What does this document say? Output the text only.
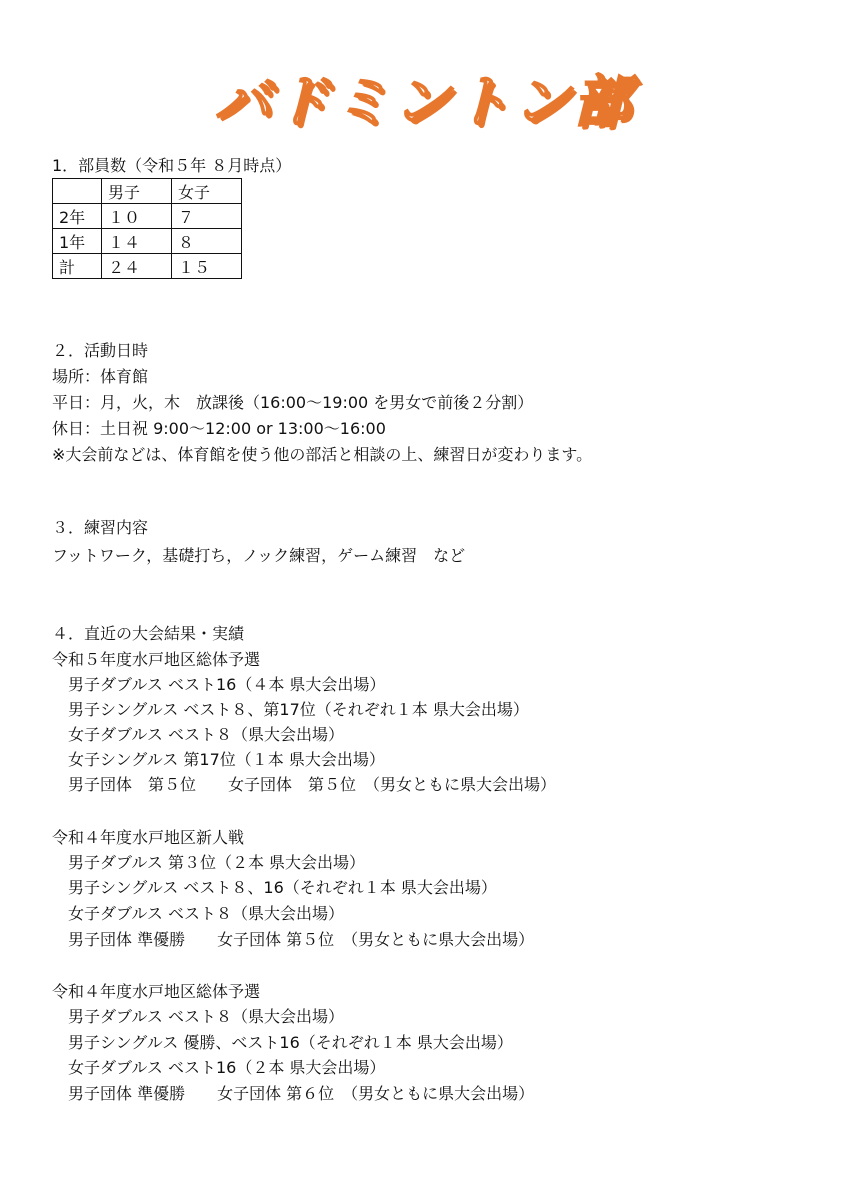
バドミントン部
1．部員数（令和５年 ８月時点）
	男子	女子
2年	１０	７
1年	１４	８
計	２４	１５
２．活動日時
場所：体育館
平日：月，火，木　放課後（16:00～19:00 を男女で前後２分割）
休日：土日祝 9:00～12:00 or 13:00～16:00
※大会前などは、体育館を使う他の部活と相談の上、練習日が変わります。
３．練習内容
フットワーク，基礎打ち，ノック練習，ゲーム練習　など
４．直近の大会結果・実績
令和５年度水戸地区総体予選
男子ダブルス ベスト16（４本 県大会出場）
男子シングルス ベスト８、第17位（それぞれ１本 県大会出場）
女子ダブルス ベスト８（県大会出場）
女子シングルス 第17位（１本 県大会出場）
男子団体　第５位　　女子団体　第５位　（男女ともに県大会出場）
令和４年度水戸地区新人戦
男子ダブルス 第３位（２本 県大会出場）
男子シングルス ベスト８、16（それぞれ１本 県大会出場）
女子ダブルス ベスト８（県大会出場）
男子団体 準優勝　　女子団体 第５位　（男女ともに県大会出場）
令和４年度水戸地区総体予選
男子ダブルス ベスト８（県大会出場）
男子シングルス 優勝、ベスト16（それぞれ１本 県大会出場）
女子ダブルス ベスト16（２本 県大会出場）
男子団体 準優勝　　女子団体 第６位　（男女ともに県大会出場）
